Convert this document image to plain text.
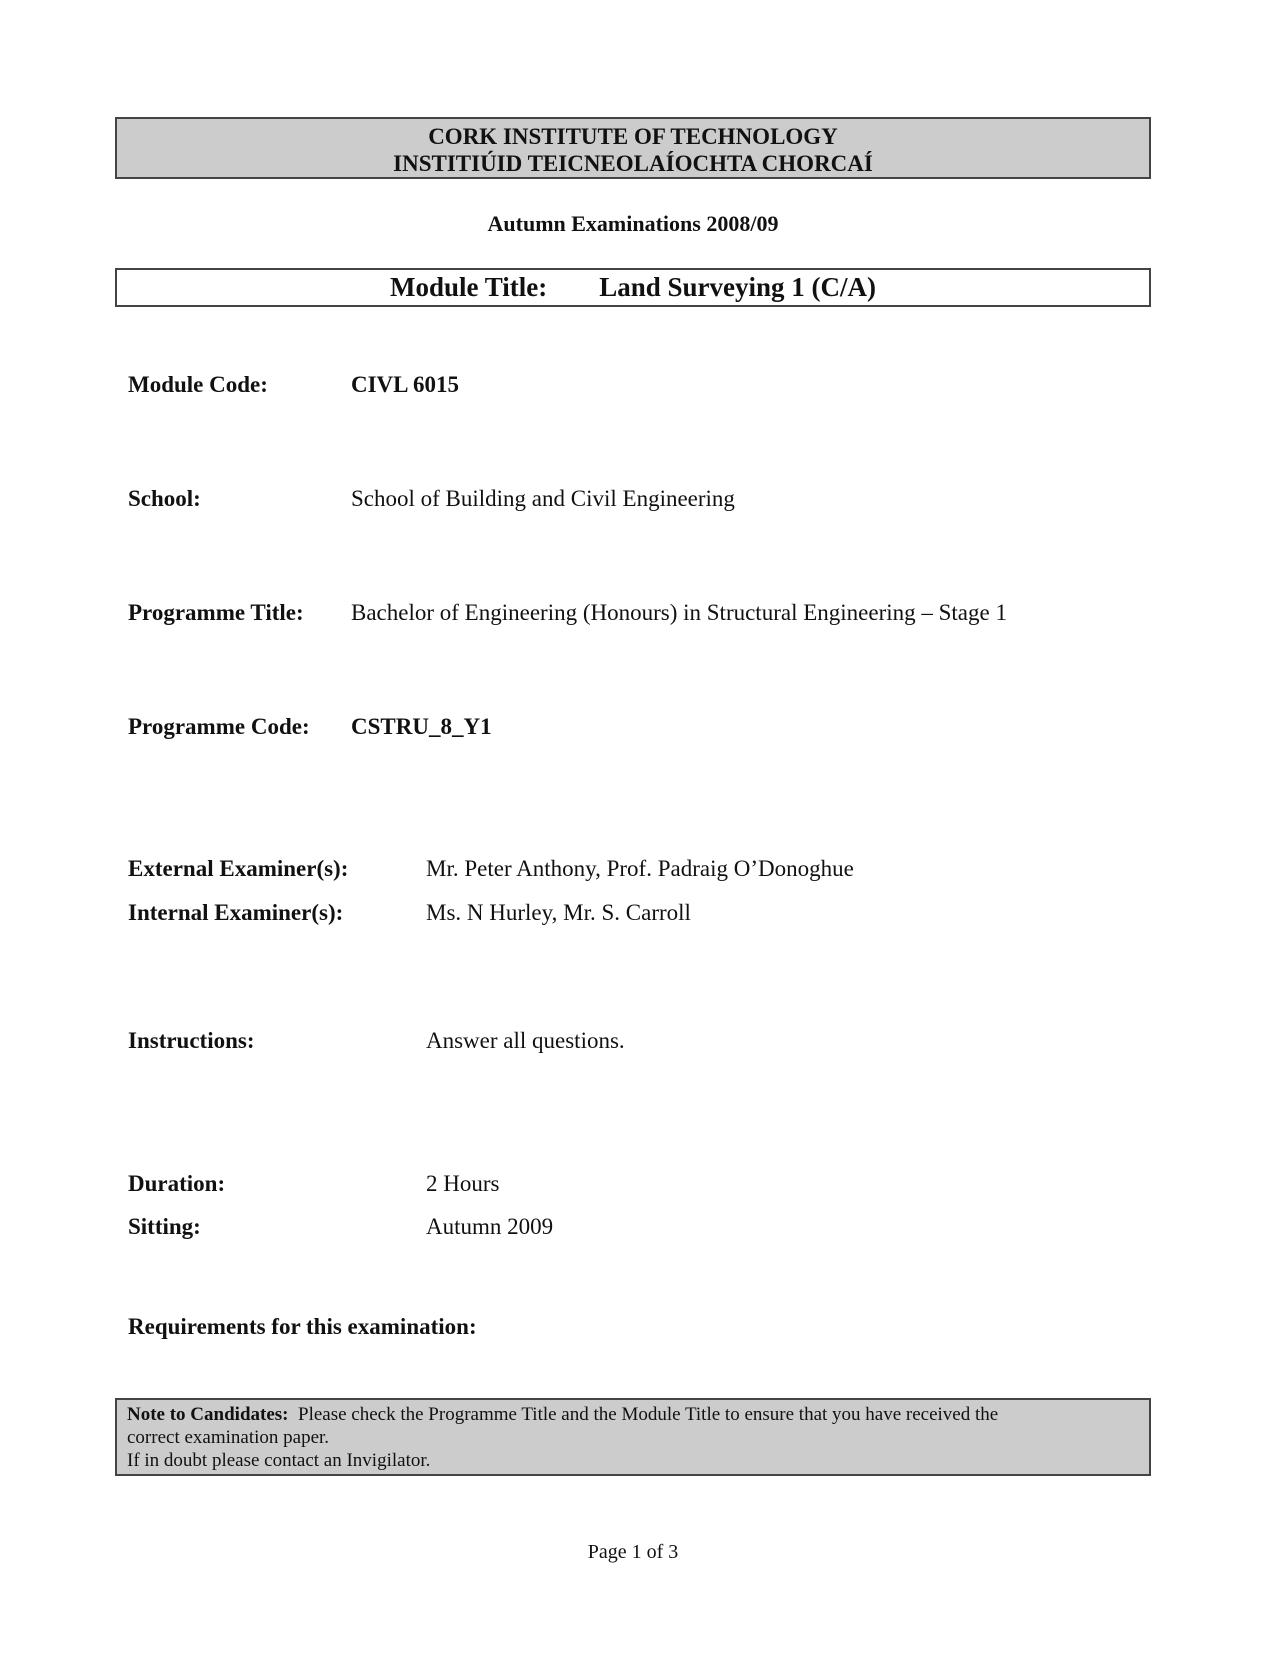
CORK INSTITUTE OF TECHNOLOGY
INSTITIÚID TEICNEOLAÍOCHTA CHORCAÍ
Autumn Examinations 2008/09
Module Title: Land Surveying 1 (C/A)
Module Code:	CIVL 6015
School:	School of Building and Civil Engineering
Programme Title: Bachelor of Engineering (Honours) in Structural Engineering – Stage 1
Programme Code: CSTRU_8_Y1
External Examiner(s):	Mr. Peter Anthony, Prof. Padraig O’Donoghue
Internal Examiner(s):	Ms. N Hurley, Mr. S. Carroll
Instructions:	Answer all questions.
Duration:	2 Hours
Sitting:	Autumn 2009
Requirements for this examination:
Note to Candidates: Please check the Programme Title and the Module Title to ensure that you have received the
correct examination paper.
If in doubt please contact an Invigilator.
Page 1 of 3
